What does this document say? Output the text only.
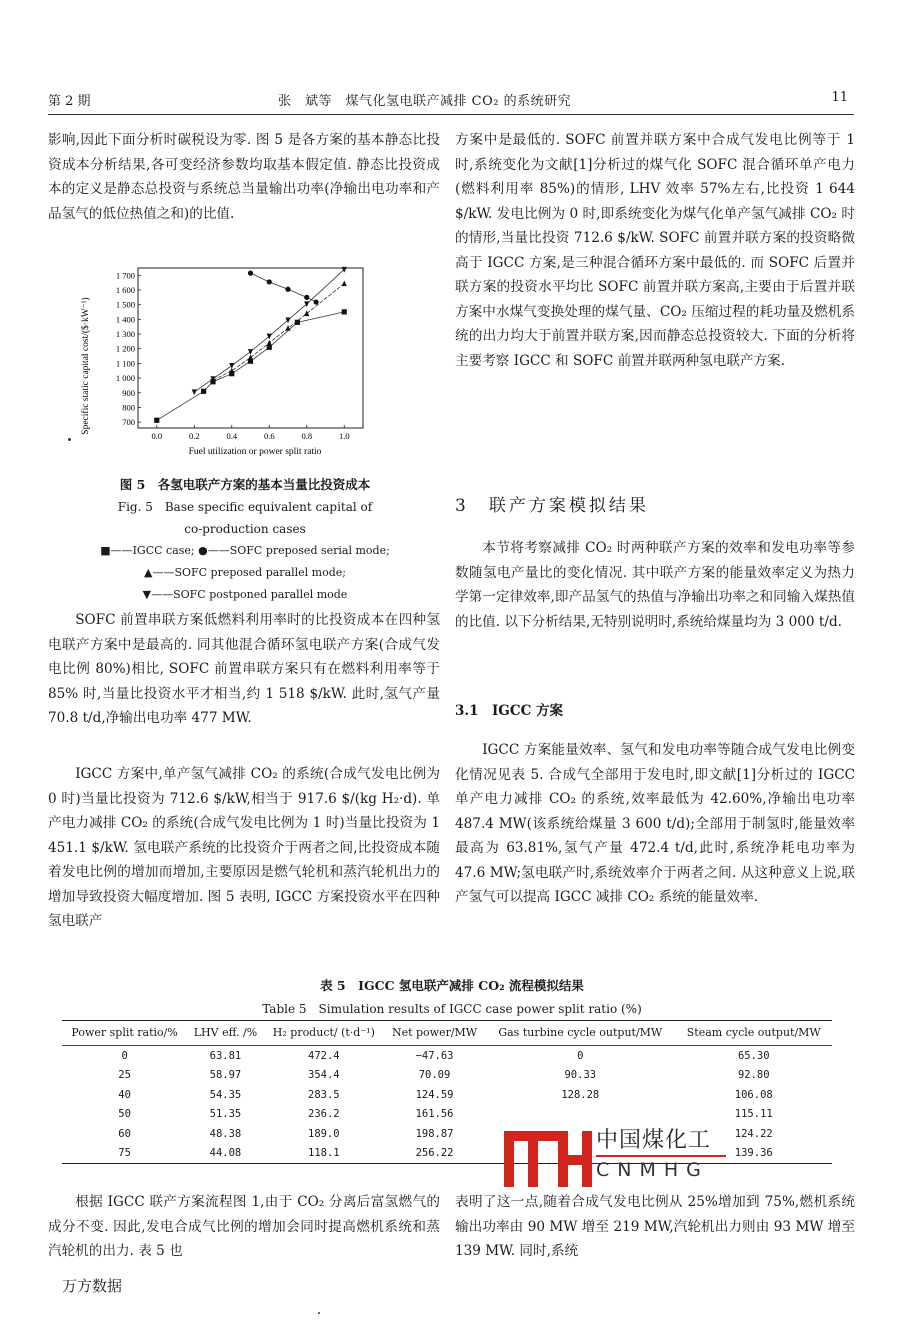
第 2 期	张　斌等　煤气化氢电联产减排 CO₂ 的系统研究	11

影响,因此下面分析时碳税设为零. 图 5 是各方案的基本静态比投资成本分析结果,各可变经济参数均取基本假定值. 静态比投资成本的定义是静态总投资与系统总当量输出功率(净输出电功率和产品氢气的低位热值之和)的比值.

700
800
900
1 000
1 100
1 200
1 300
1 400
1 500
1 600
1 700
0.0	0.2	0.4	0.6	0.8	1.0
Specific static capital cost/($·kW⁻¹)
Fuel utilization or power split ratio
图 5　各氢电联产方案的基本当量比投资成本
Fig. 5　Base specific equivalent capital of
co-production cases
■——IGCC case; ●——SOFC preposed serial mode;
▲——SOFC preposed parallel mode;
▼——SOFC postponed parallel mode

SOFC 前置串联方案低燃料利用率时的比投资成本在四种氢电联产方案中是最高的. 同其他混合循环氢电联产方案(合成气发电比例 80%)相比, SOFC 前置串联方案只有在燃料利用率等于 85% 时,当量比投资水平才相当,约 1 518 $/kW. 此时,氢气产量 70.8 t/d,净输出电功率 477 MW.

IGCC 方案中,单产氢气减排 CO₂ 的系统(合成气发电比例为 0 时)当量比投资为 712.6 $/kW,相当于 917.6 $/(kg H₂·d). 单产电力减排 CO₂ 的系统(合成气发电比例为 1 时)当量比投资为 1 451.1 $/kW. 氢电联产系统的比投资介于两者之间,比投资成本随着发电比例的增加而增加,主要原因是燃气轮机和蒸汽轮机出力的增加导致投资大幅度增加. 图 5 表明, IGCC 方案投资水平在四种氢电联产

方案中是最低的. SOFC 前置并联方案中合成气发电比例等于 1 时,系统变化为文献[1]分析过的煤气化 SOFC 混合循环单产电力(燃料利用率 85%)的情形, LHV 效率 57%左右,比投资 1 644 $/kW. 发电比例为 0 时,即系统变化为煤气化单产氢气减排 CO₂ 时的情形,当量比投资 712.6 $/kW. SOFC 前置并联方案的投资略微高于 IGCC 方案,是三种混合循环方案中最低的. 而 SOFC 后置并联方案的投资水平均比 SOFC 前置并联方案高,主要由于后置并联方案中水煤气变换处理的煤气量、CO₂ 压缩过程的耗功量及燃机系统的出力均大于前置并联方案,因而静态总投资较大. 下面的分析将主要考察 IGCC 和 SOFC 前置并联两种氢电联产方案.

3　联产方案模拟结果

本节将考察减排 CO₂ 时两种联产方案的效率和发电功率等参数随氢电产量比的变化情况. 其中联产方案的能量效率定义为热力学第一定律效率,即产品氢气的热值与净输出功率之和同输入煤热值的比值. 以下分析结果,无特别说明时,系统给煤量均为 3 000 t/d.

3.1　IGCC 方案

IGCC 方案能量效率、氢气和发电功率等随合成气发电比例变化情况见表 5. 合成气全部用于发电时,即文献[1]分析过的 IGCC 单产电力减排 CO₂ 的系统,效率最低为 42.60%,净输出电功率 487.4 MW(该系统给煤量 3 600 t/d);全部用于制氢时,能量效率最高为 63.81%,氢气产量 472.4 t/d,此时,系统净耗电功率为 47.6 MW;氢电联产时,系统效率介于两者之间. 从这种意义上说,联产氢气可以提高 IGCC 减排 CO₂ 系统的能量效率.

表 5　IGCC 氢电联产减排 CO₂ 流程模拟结果
Table 5　Simulation results of IGCC case power split ratio (%)
Power split ratio/%	LHV eff. /%	H₂ product/ (t·d⁻¹)	Net power/MW	Gas turbine cycle output/MW	Steam cycle output/MW
0	63.81	472.4	−47.63	0	65.30
25	58.97	354.4	70.09	90.33	92.80
40	54.35	283.5	124.59	128.28	106.08
50	51.35	236.2	161.56		115.11
60	48.38	189.0	198.87		124.22
75	44.08	118.1	256.22		139.36
中国煤化工
CNMHG

根据 IGCC 联产方案流程图 1,由于 CO₂ 分离后富氢燃气的成分不变. 因此,发电合成气比例的增加会同时提高燃机系统和蒸汽轮机的出力. 表 5 也

表明了这一点,随着合成气发电比例从 25%增加到 75%,燃机系统输出功率由 90 MW 增至 219 MW,汽轮机出力则由 93 MW 增至 139 MW. 同时,系统

万方数据
